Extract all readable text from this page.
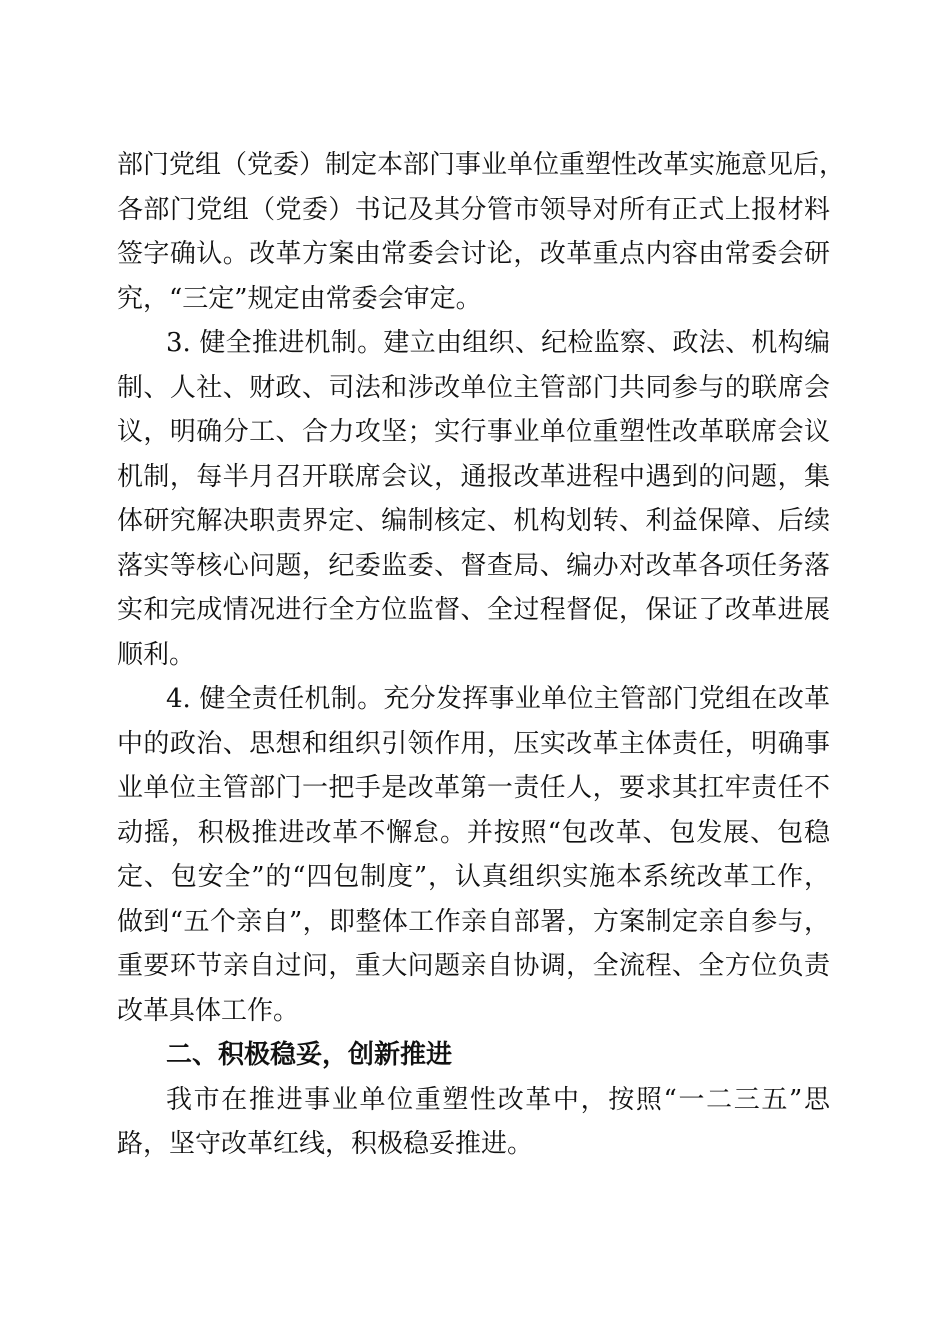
部门党组（党委）制定本部门事业单位重塑性改革实施意见后，
各部门党组（党委）书记及其分管市领导对所有正式上报材料
签字确认。改革方案由常委会讨论，改革重点内容由常委会研
究，“三定”规定由常委会审定。
3. 健全推进机制。建立由组织、纪检监察、政法、机构编
制、人社、财政、司法和涉改单位主管部门共同参与的联席会
议，明确分工、合力攻坚；实行事业单位重塑性改革联席会议
机制，每半月召开联席会议，通报改革进程中遇到的问题，集
体研究解决职责界定、编制核定、机构划转、利益保障、后续
落实等核心问题，纪委监委、督查局、编办对改革各项任务落
实和完成情况进行全方位监督、全过程督促，保证了改革进展
顺利。
4. 健全责任机制。充分发挥事业单位主管部门党组在改革
中的政治、思想和组织引领作用，压实改革主体责任，明确事
业单位主管部门一把手是改革第一责任人，要求其扛牢责任不
动摇，积极推进改革不懈怠。并按照“包改革、包发展、包稳
定、包安全”的“四包制度”，认真组织实施本系统改革工作，
做到“五个亲自”，即整体工作亲自部署，方案制定亲自参与，
重要环节亲自过问，重大问题亲自协调，全流程、全方位负责
改革具体工作。
二、积极稳妥，创新推进
我市在推进事业单位重塑性改革中，按照“一二三五”思
路，坚守改革红线，积极稳妥推进。
